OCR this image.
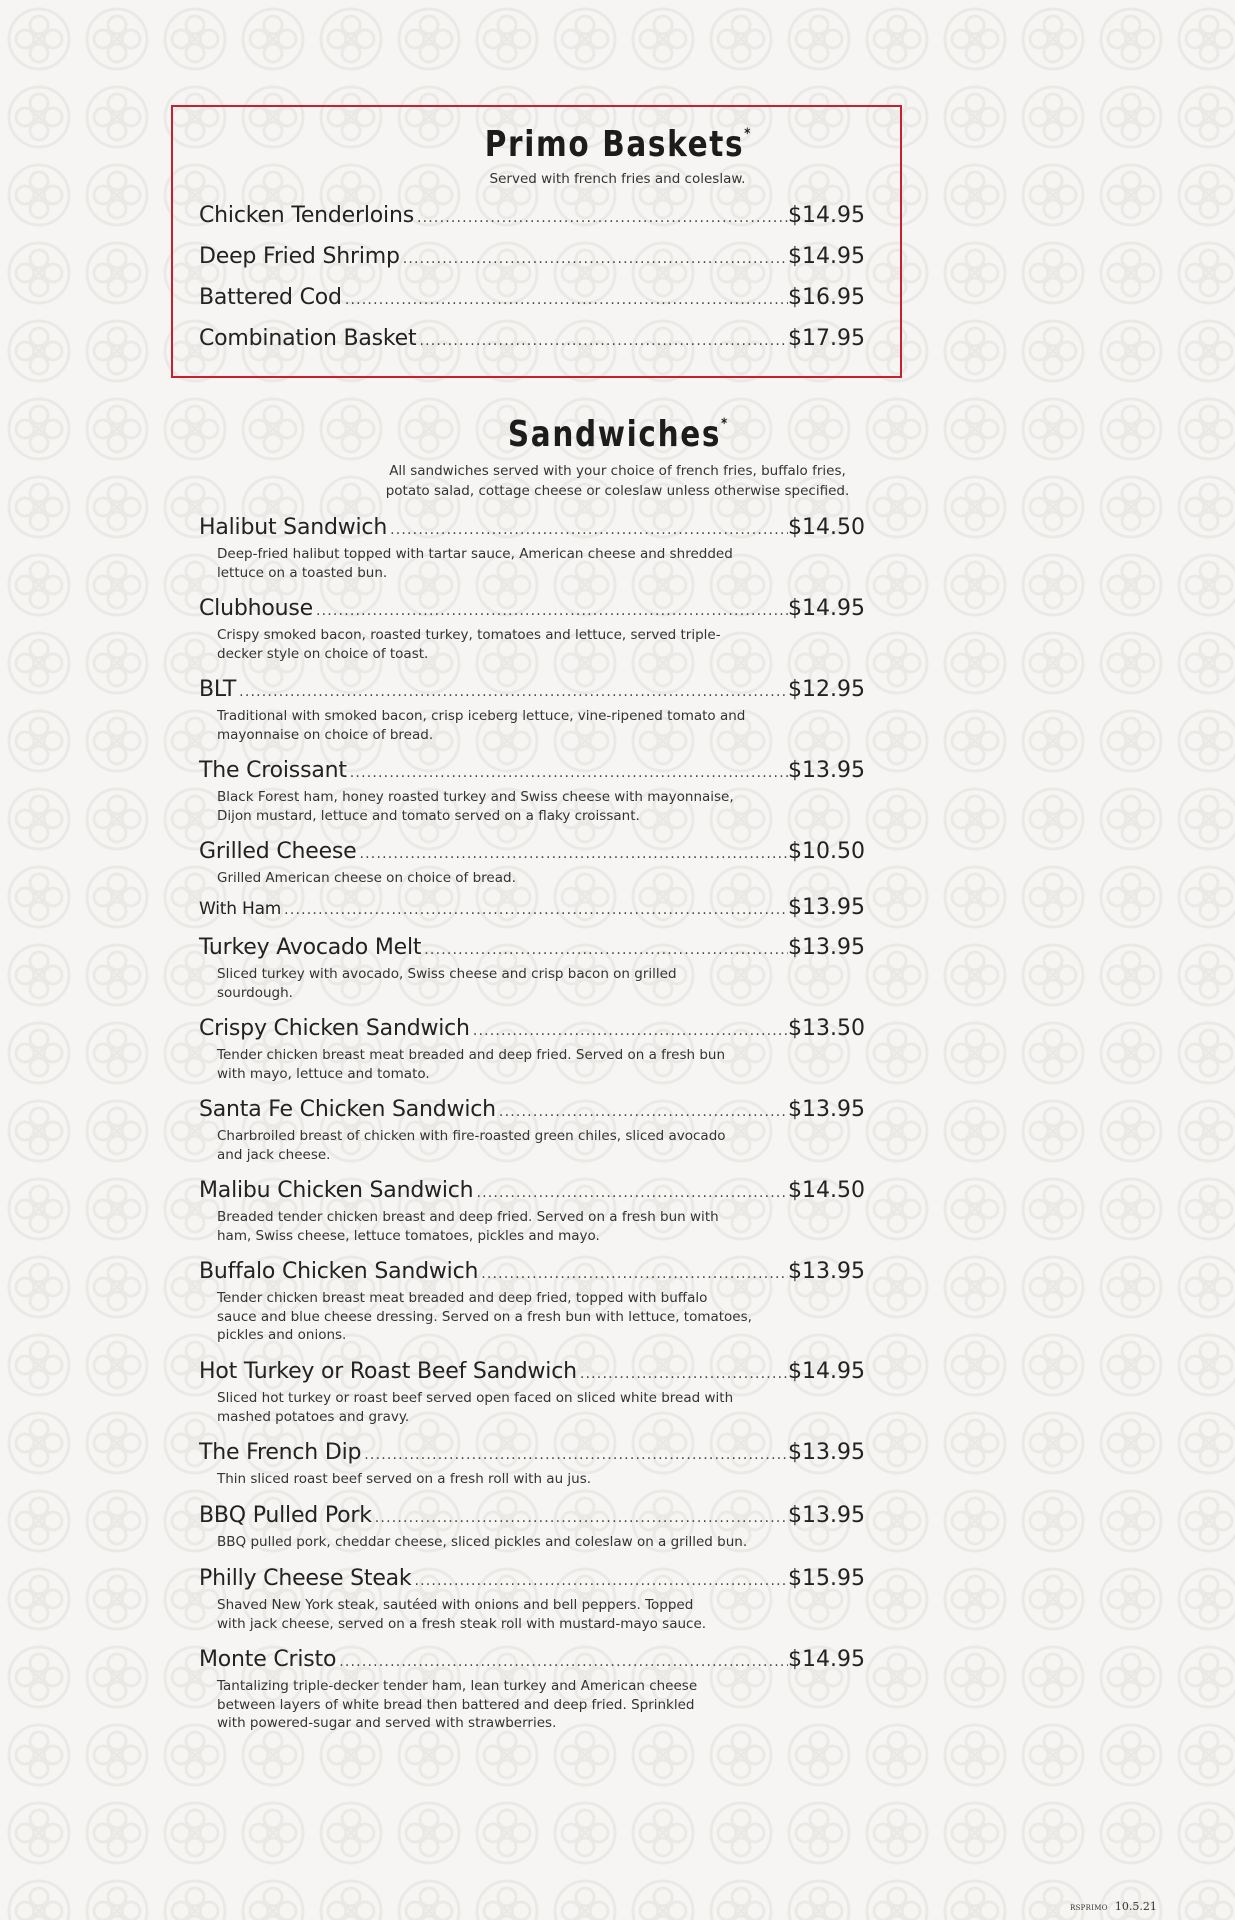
Primo Baskets*
Served with french fries and coleslaw.
Chicken Tenderloins .....	$14.95
Deep Fried Shrimp .....	$14.95
Battered Cod .....	$16.95
Combination Basket .....	$17.95
Sandwiches*
All sandwiches served with your choice of french fries, buffalo fries,
potato salad, cottage cheese or coleslaw unless otherwise specified.
Halibut Sandwich .....	$14.50
Deep-fried halibut topped with tartar sauce, American cheese and shredded
lettuce on a toasted bun.
Clubhouse .....	$14.95
Crispy smoked bacon, roasted turkey, tomatoes and lettuce, served triple-
decker style on choice of toast.
BLT .....	$12.95
Traditional with smoked bacon, crisp iceberg lettuce, vine-ripened tomato and
mayonnaise on choice of bread.
The Croissant .....	$13.95
Black Forest ham, honey roasted turkey and Swiss cheese with mayonnaise,
Dijon mustard, lettuce and tomato served on a flaky croissant.
Grilled Cheese .....	$10.50
Grilled American cheese on choice of bread.
With Ham .....	$13.95
Turkey Avocado Melt .....	$13.95
Sliced turkey with avocado, Swiss cheese and crisp bacon on grilled
sourdough.
Crispy Chicken Sandwich .....	$13.50
Tender chicken breast meat breaded and deep fried. Served on a fresh bun
with mayo, lettuce and tomato.
Santa Fe Chicken Sandwich .....	$13.95
Charbroiled breast of chicken with fire-roasted green chiles, sliced avocado
and jack cheese.
Malibu Chicken Sandwich .....	$14.50
Breaded tender chicken breast and deep fried. Served on a fresh bun with
ham, Swiss cheese, lettuce tomatoes, pickles and mayo.
Buffalo Chicken Sandwich .....	$13.95
Tender chicken breast meat breaded and deep fried, topped with buffalo
sauce and blue cheese dressing. Served on a fresh bun with lettuce, tomatoes,
pickles and onions.
Hot Turkey or Roast Beef Sandwich .....	$14.95
Sliced hot turkey or roast beef served open faced on sliced white bread with
mashed potatoes and gravy.
The French Dip .....	$13.95
Thin sliced roast beef served on a fresh roll with au jus.
BBQ Pulled Pork .....	$13.95
BBQ pulled pork, cheddar cheese, sliced pickles and coleslaw on a grilled bun.
Philly Cheese Steak .....	$15.95
Shaved New York steak, sautéed with onions and bell peppers. Topped
with jack cheese, served on a fresh steak roll with mustard-mayo sauce.
Monte Cristo .....	$14.95
Tantalizing triple-decker tender ham, lean turkey and American cheese
between layers of white bread then battered and deep fried. Sprinkled
with powered-sugar and served with strawberries.
RSPRIMO 10.5.21
